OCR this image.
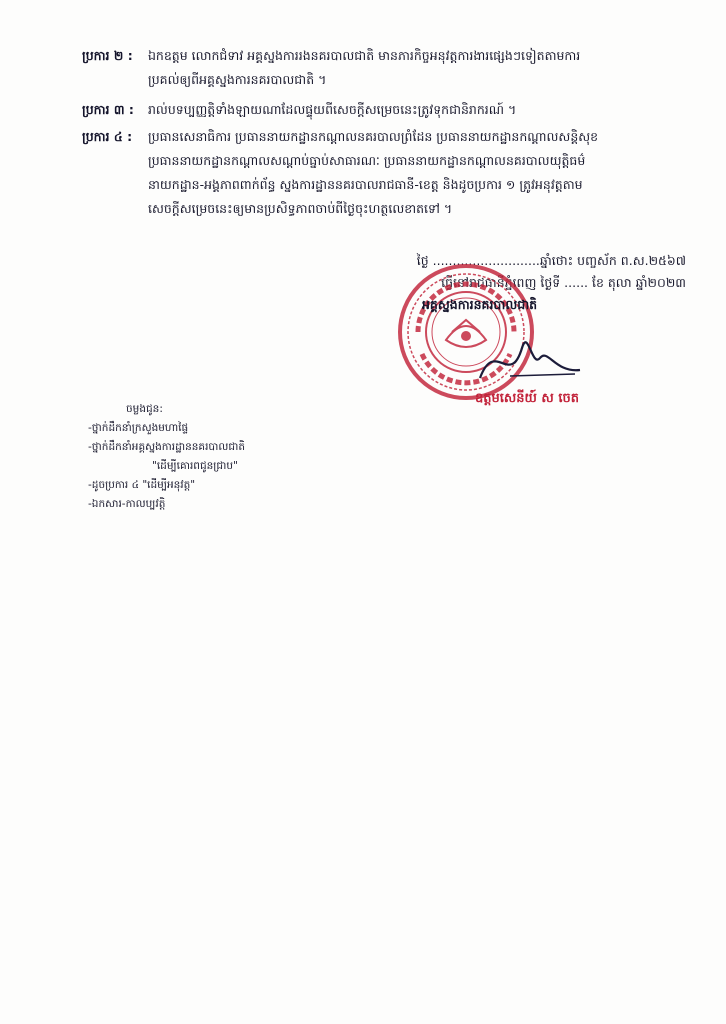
ប្រការ ២ : ឯកឧត្តម លោកជំទាវ អគ្គស្នងការរងនគរបាលជាតិ មានភារកិច្ចអនុវត្តការងារផ្សេងៗទៀតតាមការ
ប្រគល់ឲ្យពីអគ្គស្នងការនគរបាលជាតិ ។
ប្រការ ៣ : រាល់បទប្បញ្ញត្តិទាំងឡាយណាដែលផ្ទុយពីសេចក្តីសម្រេចនេះត្រូវទុកជានិរាករណ៍ ។
ប្រការ ៤ : ប្រធានសេនាធិការ ប្រធាននាយកដ្ឋានកណ្តាលនគរបាលព្រំដែន ប្រធាននាយកដ្ឋានកណ្តាលសន្តិសុខ
ប្រធាននាយកដ្ឋានកណ្តាលសណ្តាប់ធ្នាប់សាធារណៈ ប្រធាននាយកដ្ឋានកណ្តាលនគរបាលយុត្តិធម៌
នាយកដ្ឋាន-អង្គភាពពាក់ព័ន្ធ ស្នងការដ្ឋាននគរបាលរាជធានី-ខេត្ត និងដូចប្រការ ១ ត្រូវអនុវត្តតាម
សេចក្តីសម្រេចនេះឲ្យមានប្រសិទ្ធភាពចាប់ពីថ្ងៃចុះហត្ថលេខាតទៅ ។
ថ្ងៃ ...........................ឆ្នាំថោះ បញ្ចស័ក ព.ស.២៥៦៧
ធ្វើនៅរាជធានីភ្នំពេញ ថ្ងៃទី ...... ខែ តុលា ឆ្នាំ២០២៣
អគ្គស្នងការនគរបាលជាតិ
ឧត្តមសេនីយ៍ ស ចេត
ចម្លងជូន:
-ថ្នាក់ដឹកនាំក្រសួងមហាផ្ទៃ
-ថ្នាក់ដឹកនាំអគ្គស្នងការដ្ឋាននគរបាលជាតិ
"ដើម្បីគោរពជូនជ្រាប"
-ដូចប្រការ ៤ "ដើម្បីអនុវត្ត"
-ឯកសារ-កាលប្បវត្តិ
